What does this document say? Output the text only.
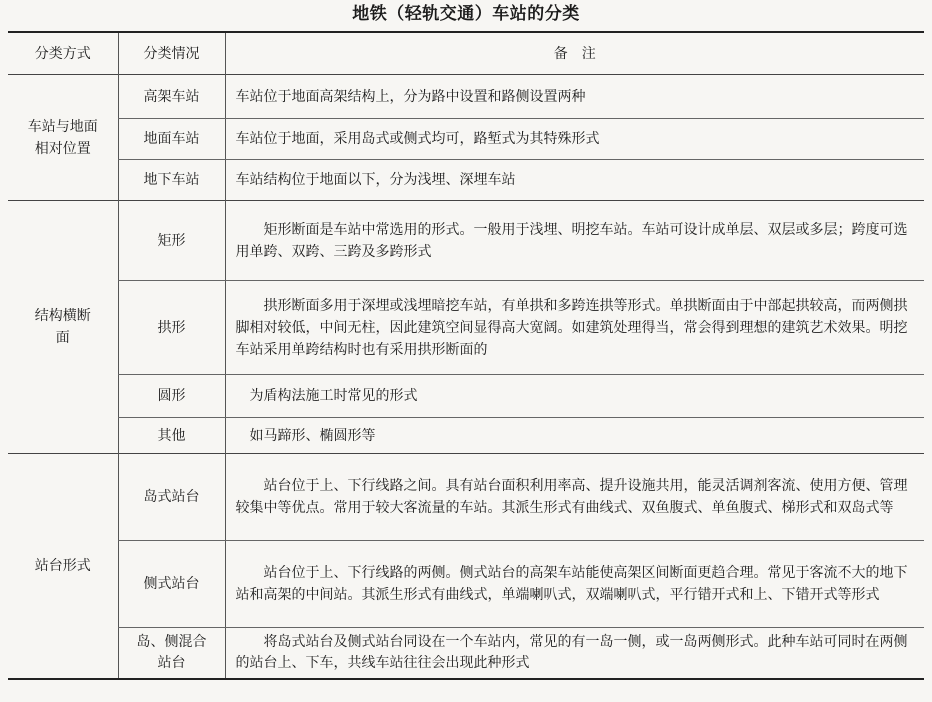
地铁（轻轨交通）车站的分类
分类方式	分类情况	备　注
车站与地面相对位置	高架车站	车站位于地面高架结构上，分为路中设置和路侧设置两种
	地面车站	车站位于地面，采用岛式或侧式均可，路堑式为其特殊形式
	地下车站	车站结构位于地面以下，分为浅埋、深埋车站
结构横断面	矩形	矩形断面是车站中常选用的形式。一般用于浅埋、明挖车站。车站可设计成单层、双层或多层；跨度可选用单跨、双跨、三跨及多跨形式
	拱形	拱形断面多用于深埋或浅埋暗挖车站，有单拱和多跨连拱等形式。单拱断面由于中部起拱较高，而两侧拱脚相对较低，中间无柱，因此建筑空间显得高大宽阔。如建筑处理得当，常会得到理想的建筑艺术效果。明挖车站采用单跨结构时也有采用拱形断面的
	圆形	为盾构法施工时常见的形式
	其他	如马蹄形、椭圆形等
站台形式	岛式站台	站台位于上、下行线路之间。具有站台面积利用率高、提升设施共用，能灵活调剂客流、使用方便、管理较集中等优点。常用于较大客流量的车站。其派生形式有曲线式、双鱼腹式、单鱼腹式、梯形式和双岛式等
	侧式站台	站台位于上、下行线路的两侧。侧式站台的高架车站能使高架区间断面更趋合理。常见于客流不大的地下站和高架的中间站。其派生形式有曲线式，单端喇叭式，双端喇叭式，平行错开式和上、下错开式等形式
	岛、侧混合站台	将岛式站台及侧式站台同设在一个车站内，常见的有一岛一侧，或一岛两侧形式。此种车站可同时在两侧的站台上、下车，共线车站往往会出现此种形式
